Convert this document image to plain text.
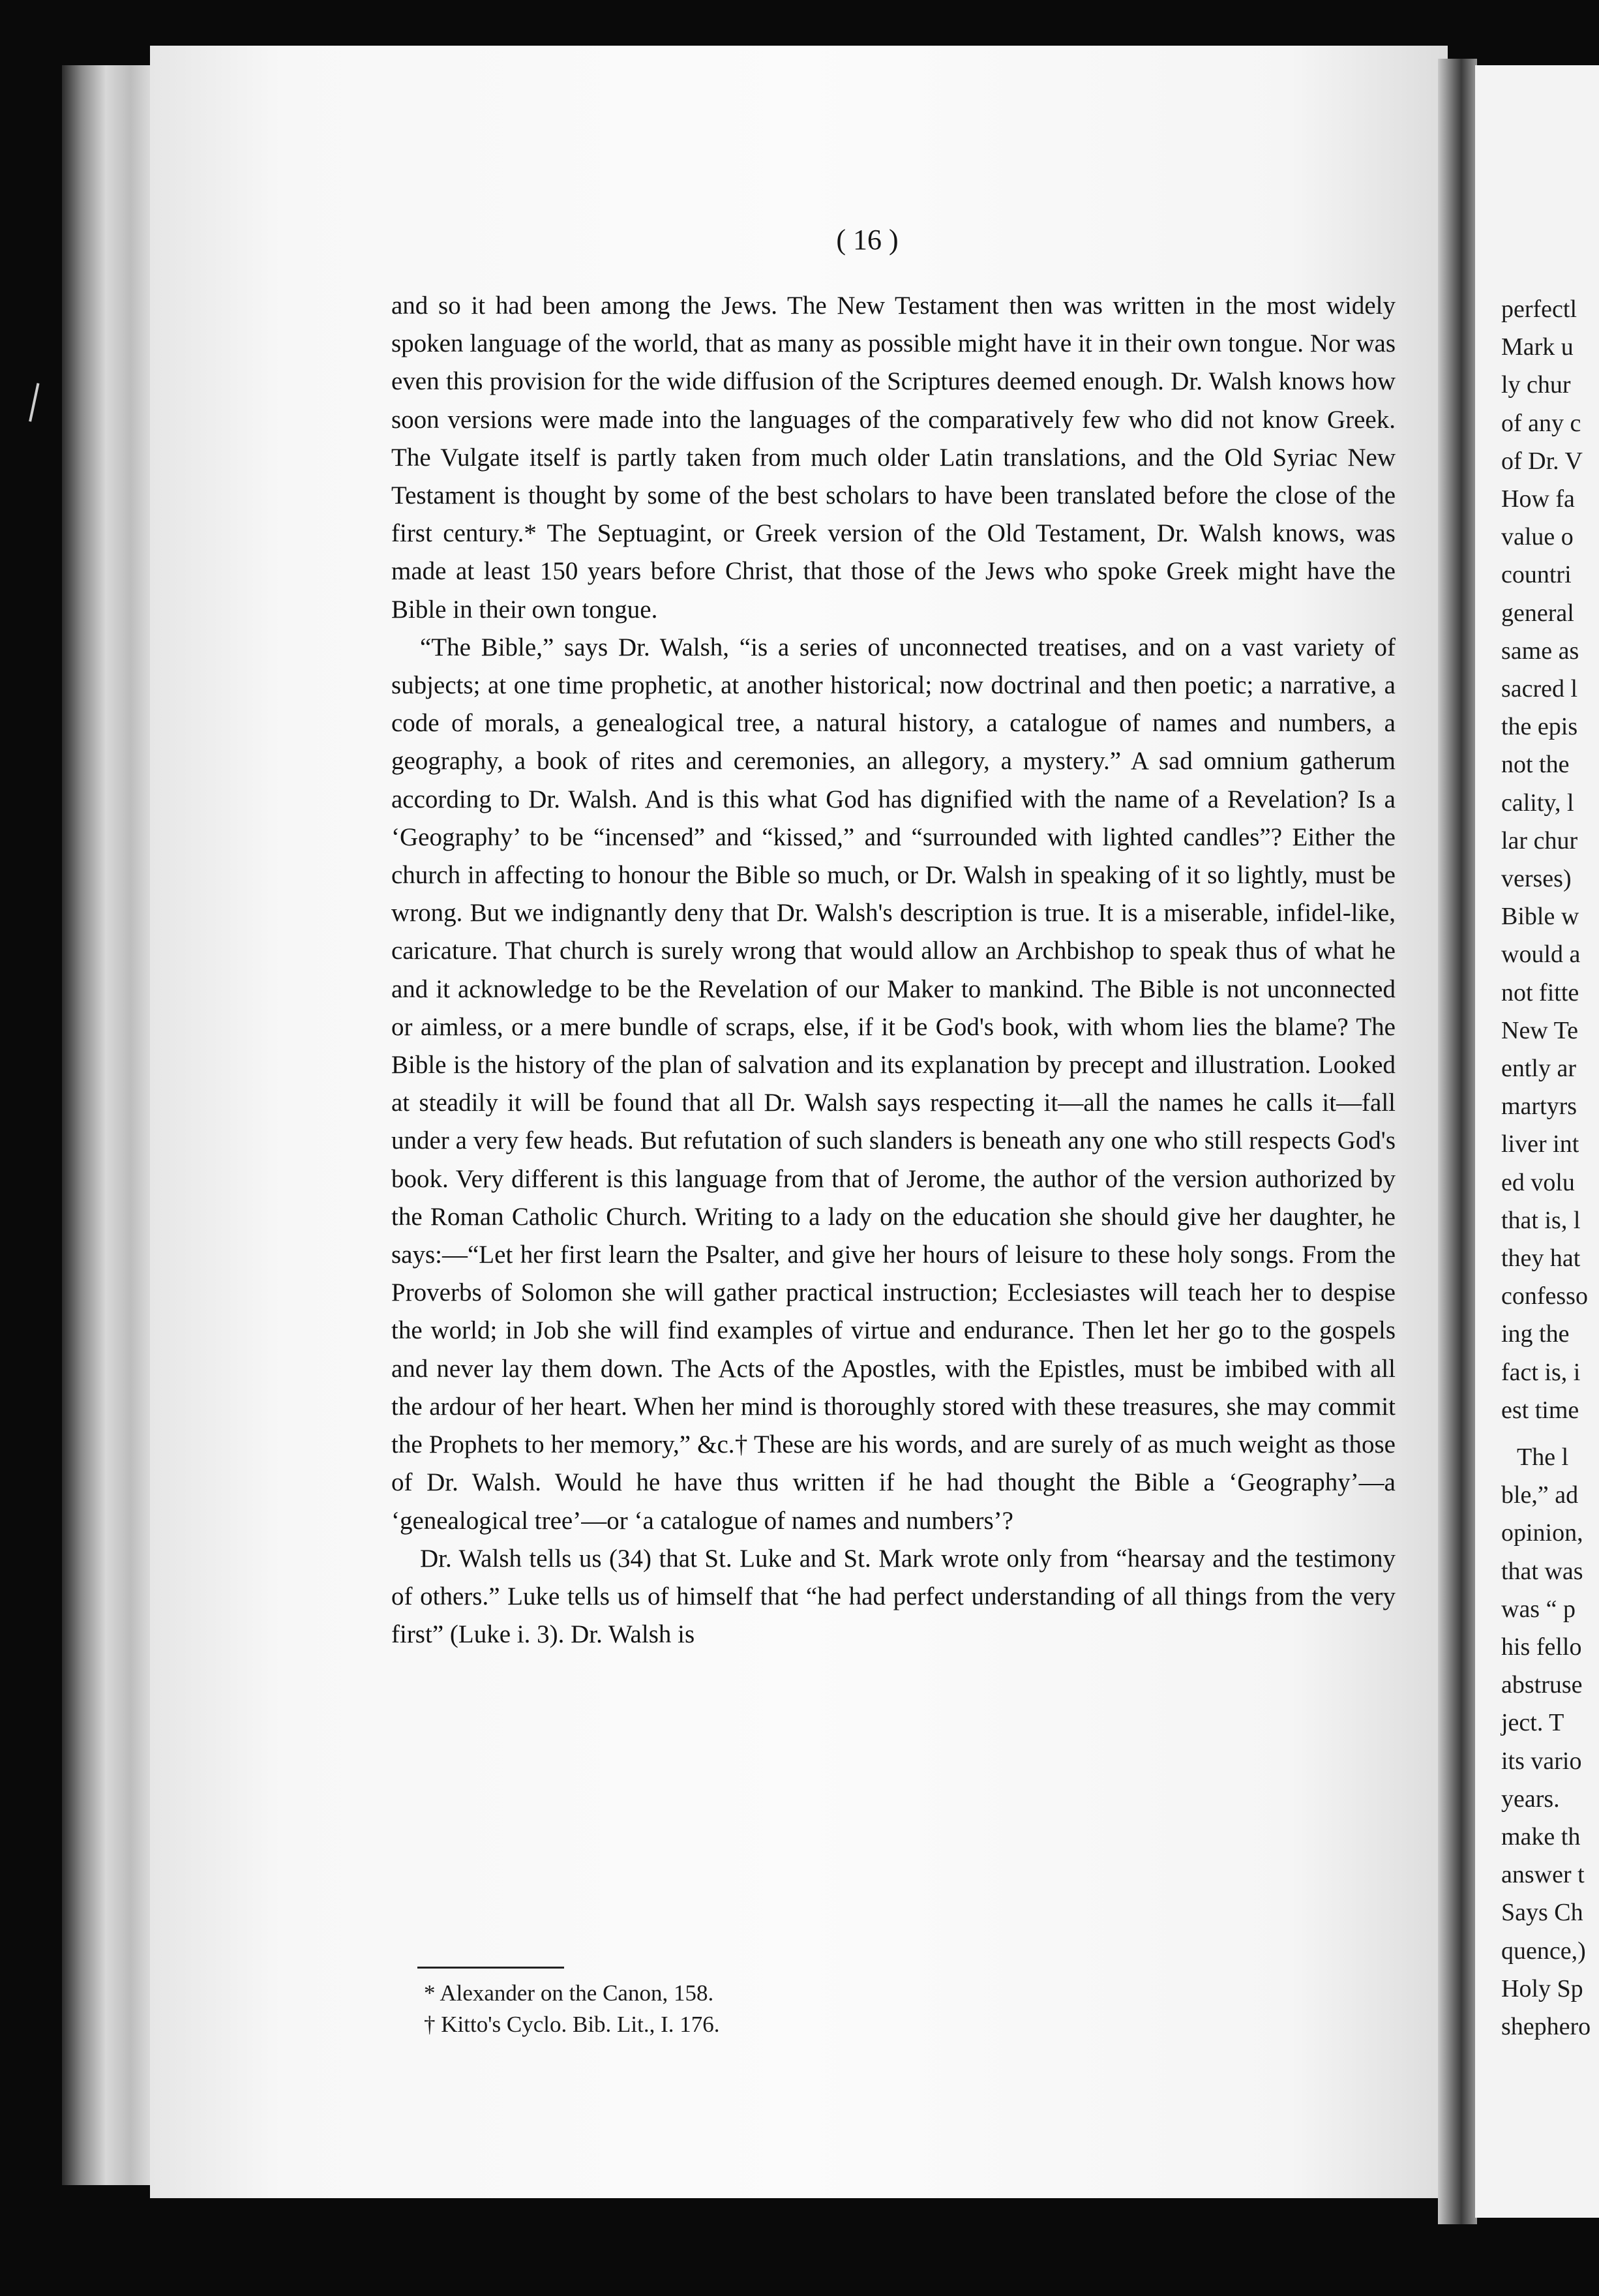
( 16 )

and so it had been among the Jews. The New Testament then was written in the most widely spoken language of the world, that as many as possible might have it in their own tongue. Nor was even this provision for the wide diffusion of the Scriptures deemed enough. Dr. Walsh knows how soon versions were made into the languages of the comparatively few who did not know Greek. The Vulgate itself is partly taken from much older Latin translations, and the Old Syriac New Testament is thought by some of the best scholars to have been translated before the close of the first century.* The Septuagint, or Greek version of the Old Testament, Dr. Walsh knows, was made at least 150 years before Christ, that those of the Jews who spoke Greek might have the Bible in their own tongue.

“The Bible,” says Dr. Walsh, “is a series of unconnected treatises, and on a vast variety of subjects; at one time prophetic, at another historical; now doctrinal and then poetic; a narrative, a code of morals, a genealogical tree, a natural history, a catalogue of names and numbers, a geography, a book of rites and ceremonies, an allegory, a mystery.” A sad omnium gatherum according to Dr. Walsh. And is this what God has dignified with the name of a Revelation? Is a ‘Geography’ to be “incensed” and “kissed,” and “surrounded with lighted candles”? Either the church in affecting to honour the Bible so much, or Dr. Walsh in speaking of it so lightly, must be wrong. But we indignantly deny that Dr. Walsh's description is true. It is a miserable, infidel-like, caricature. That church is surely wrong that would allow an Archbishop to speak thus of what he and it acknowledge to be the Revelation of our Maker to mankind. The Bible is not unconnected or aimless, or a mere bundle of scraps, else, if it be God's book, with whom lies the blame? The Bible is the history of the plan of salvation and its explanation by precept and illustration. Looked at steadily it will be found that all Dr. Walsh says respecting it—all the names he calls it—fall under a very few heads. But refutation of such slanders is beneath any one who still respects God's book. Very different is this language from that of Jerome, the author of the version authorized by the Roman Catholic Church. Writing to a lady on the education she should give her daughter, he says:—“Let her first learn the Psalter, and give her hours of leisure to these holy songs. From the Proverbs of Solomon she will gather practical instruction; Ecclesiastes will teach her to despise the world; in Job she will find examples of virtue and endurance. Then let her go to the gospels and never lay them down. The Acts of the Apostles, with the Epistles, must be imbibed with all the ardour of her heart. When her mind is thoroughly stored with these treasures, she may commit the Prophets to her memory,” &c.† These are his words, and are surely of as much weight as those of Dr. Walsh. Would he have thus written if he had thought the Bible a ‘Geography’—a ‘genealogical tree’—or ‘a catalogue of names and numbers’?

Dr. Walsh tells us (34) that St. Luke and St. Mark wrote only from “hearsay and the testimony of others.” Luke tells us of himself that “he had perfect understanding of all things from the very first” (Luke i. 3). Dr. Walsh is

* Alexander on the Canon, 158.
† Kitto's Cyclo. Bib. Lit., I. 176.
perfectl
Mark u
ly chur
of any c
of Dr. V
How fa
value o
countri
general
same as
sacred l
the epis
not the
cality, l
lar chur
verses)
Bible w
would a
not fitte
New Te
ently ar
martyrs
liver int
ed volu
that is, l
they hat
confesso
ing the
fact is, i
est time
The l
ble,” ad
opinion,
that was
was “ p
his fello
abstruse
ject. T
its vario
years.
make th
answer t
Says Ch
quence,)
Holy Sp
shephero
